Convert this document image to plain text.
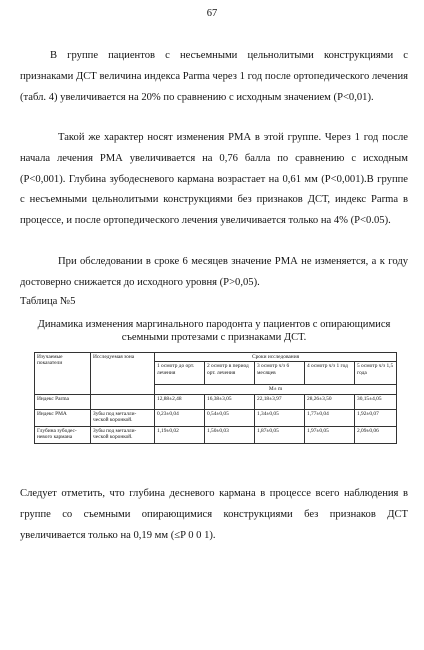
67
В группе пациентов с несъемными цельнолитыми конструкциями с признаками ДСТ величина индекса Parma через 1 год после ортопедического лечения (табл. 4) увеличивается на 20% по сравнению с исходным значением (P<0,01).
Такой же характер носят изменения РМА в этой группе. Через 1 год после начала лечения РМА увеличивается на 0,76 балла по сравнению с исходным (P<0,001). Глубина зубодесневого кармана возрастает на 0,61 мм (P<0,001).В группе с несъемными цельнолитыми конструкциями без признаков ДСТ, индекс Parma в процессе, и после ортопедического лечения увеличивается только на 4% (P<0.05).
При обследовании в сроке 6 месяцев значение РМА не изменяется, а к году достоверно снижается до исходного уровня (P>0,05).
Таблица №5
Динамика изменения маргинального пародонта у пациентов с опирающимися съемными протезами с признаками ДСТ.
Изучаемые показатели	Исследуемая зона	Сроки исследования				
		1 осмотр до орт. лечения	2 осмотр в период орт. лечения	3 осмотр ч/з 6 месяцев	4 осмотр ч/з 1 год	5 осмотр ч/з 1,5 года
		М± m				
Индекс Parma		12,88±2,48	16,38±3,05	22,18±3,97	28,26±3,50	30,15±4,05
Индекс РМА	Зубы под металли- ческой коронкой.	0,23±0,04	0,54±0,05	1,34±0,05	1,77±0,04	1,92±0,07
Глубина зубодес- невого кармана	Зубы под металли- ческой коронкой.	1,19±0,02	1,50±0,03	1,87±0,05	1,97±0,05	2,09±0,06
Следует отметить, что глубина десневого кармана в процессе всего наблюдения в группе со съемными опирающимися конструкциями без признаков ДСТ увеличивается только на 0,19 мм (≤P 0 0 1).
